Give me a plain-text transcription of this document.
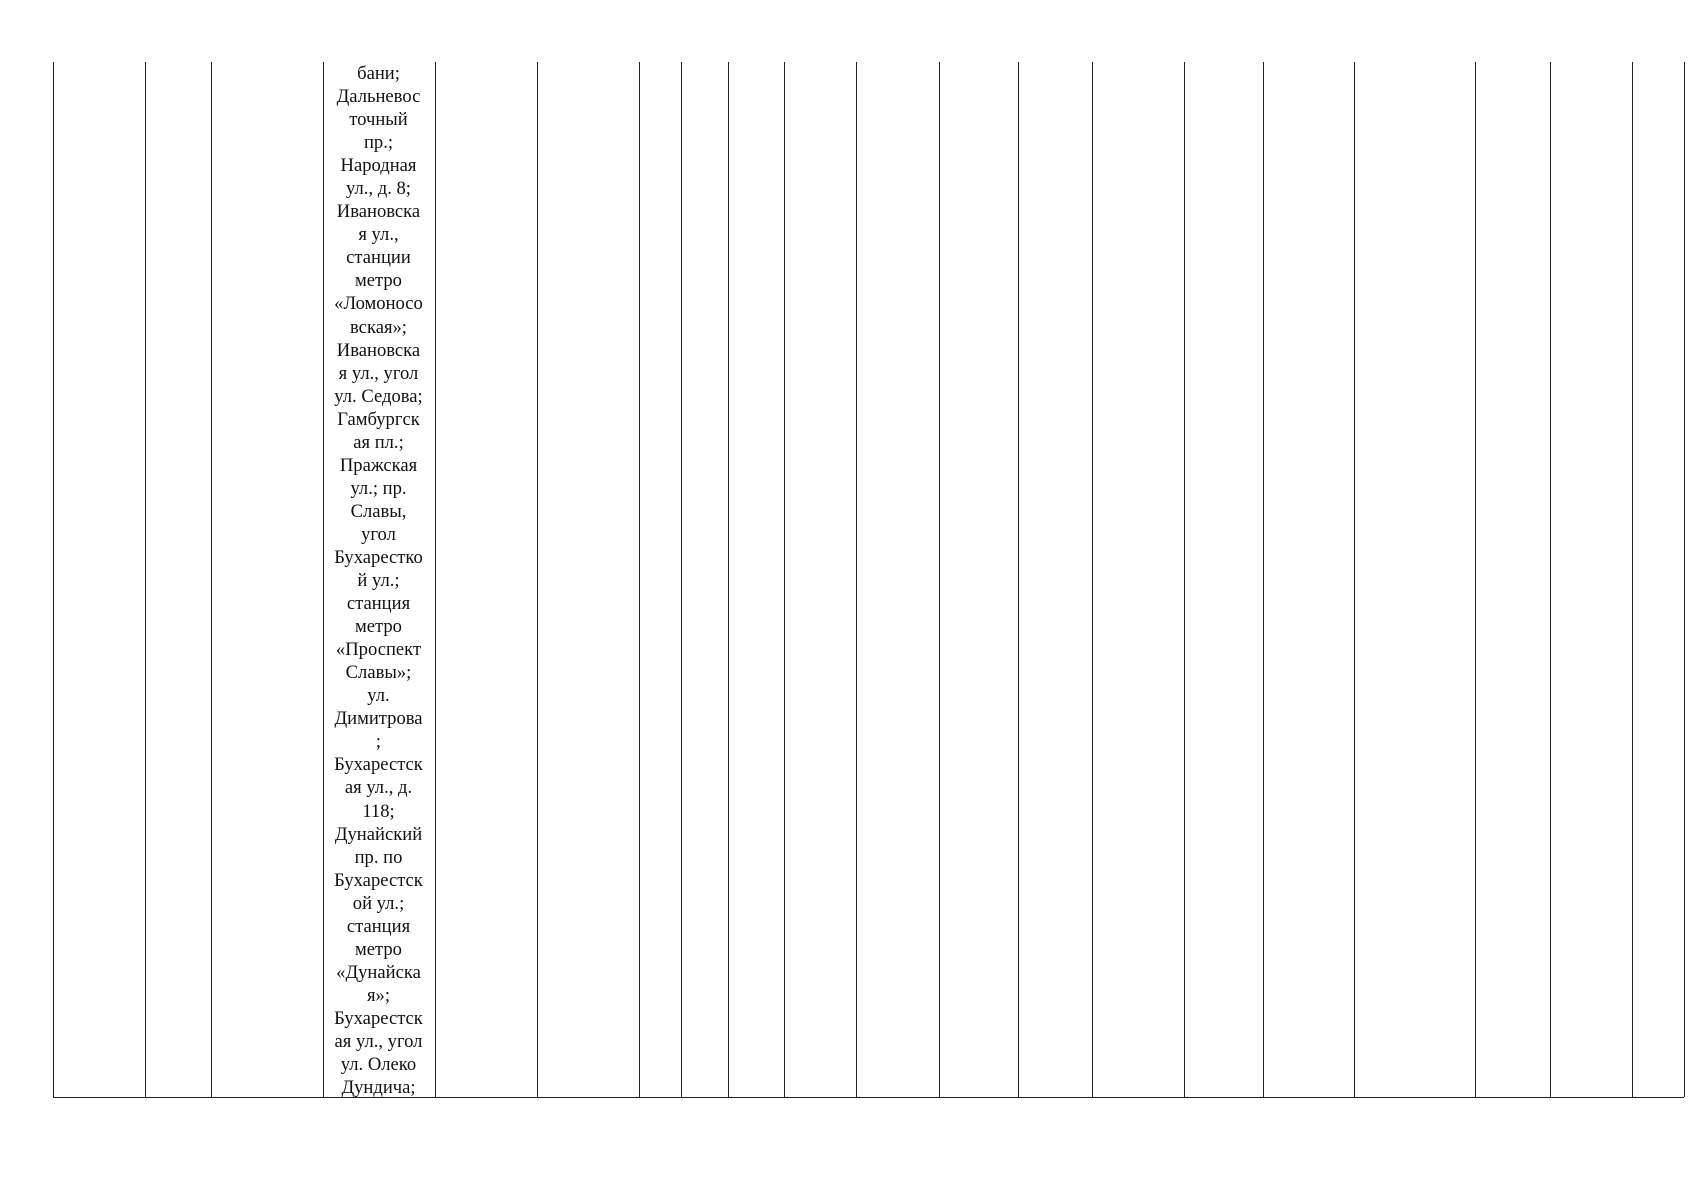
бани;
Дальневос
точный
пр.;
Народная
ул., д. 8;
Ивановска
я ул.,
станции
метро
«Ломоносо
вская»;
Ивановска
я ул., угол
ул. Седова;
Гамбургск
ая пл.;
Пражская
ул.; пр.
Славы,
угол
Бухарестко
й ул.;
станция
метро
«Проспект
Славы»;
ул.
Димитрова
;
Бухарестск
ая ул., д.
118;
Дунайский
пр. по
Бухарестск
ой ул.;
станция
метро
«Дунайска
я»;
Бухарестск
ая ул., угол
ул. Олеко
Дундича;
